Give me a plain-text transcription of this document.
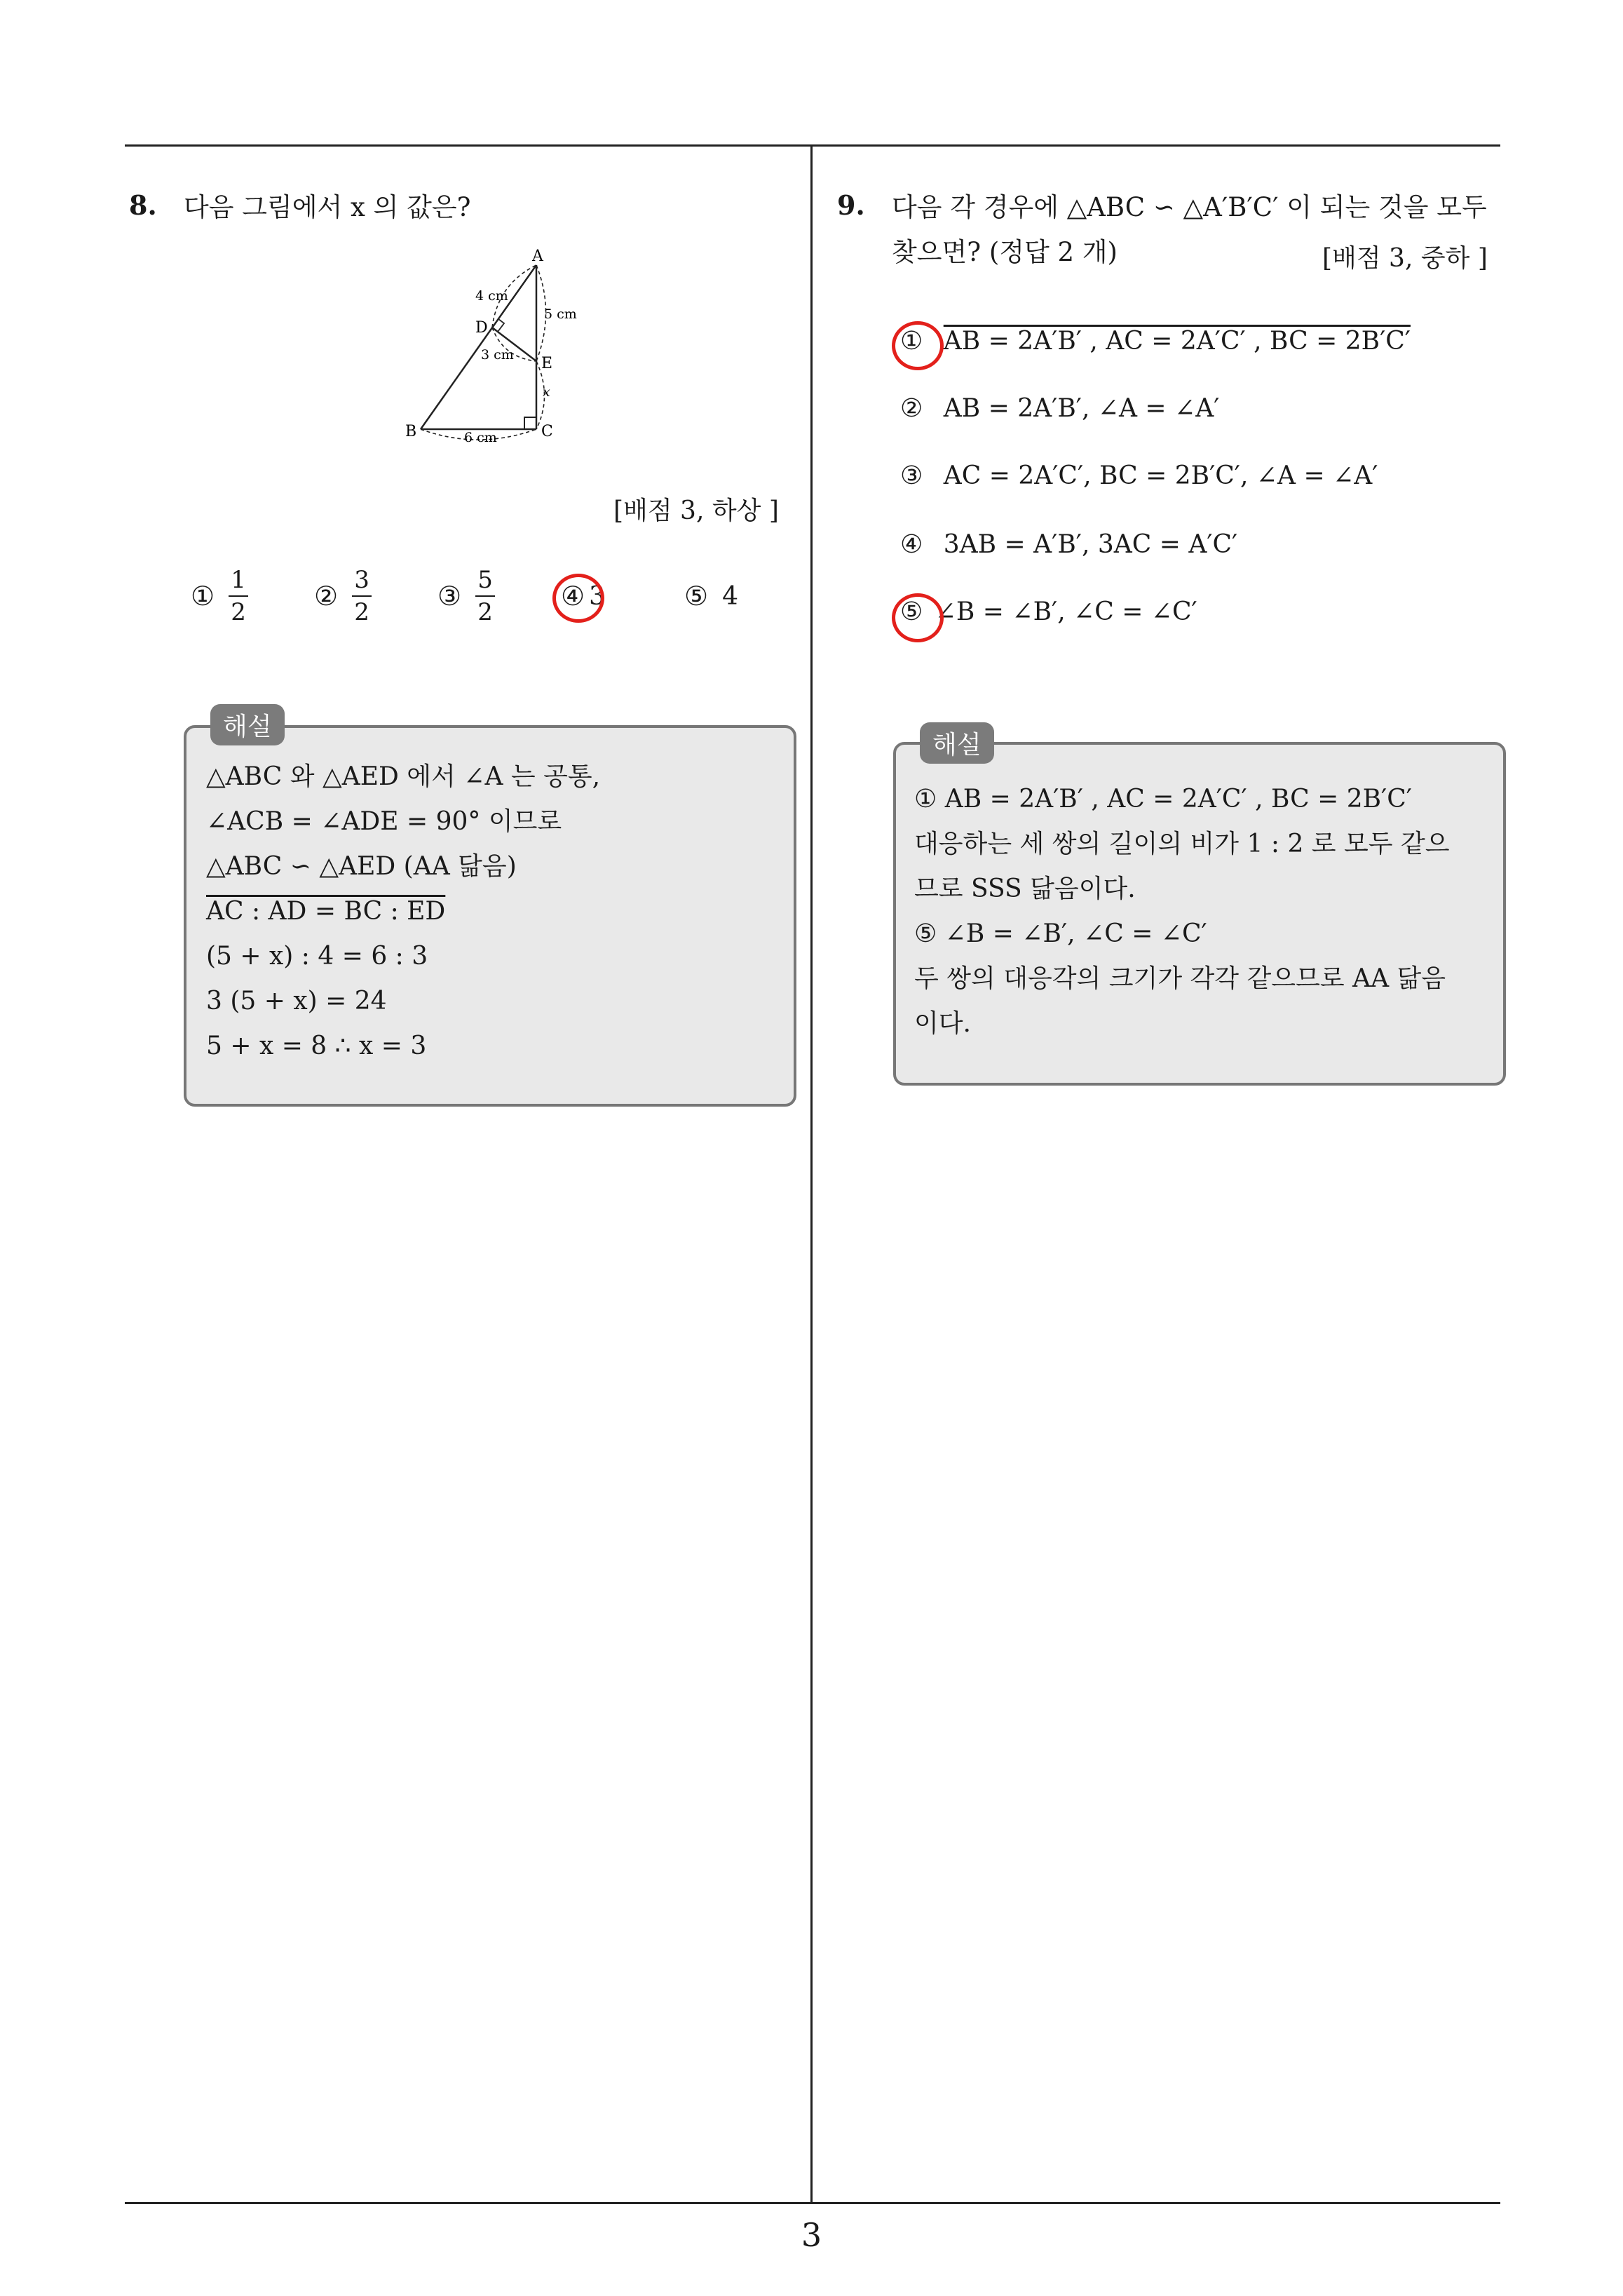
8. 다음 그림에서 x 의 값은?
A
B	C
D
E
4 cm
5 cm
3 cm
6 cm
x
[배점 3, 하상 ]
① $\frac{1}{2}$ ② $\frac{3}{2}$ ③ $\frac{5}{2}$ ④ 3	⑤ 4
해설
△ABC 와 △AED 에서 ∠A 는 공통,
∠ACB = ∠ADE = 90° 이므로
△ABC ∽ △AED (AA 닮음)
AC : AD = BC : ED
(5 + x) : 4 = 6 : 3
3 (5 + x) = 24
5 + x = 8 ∴ x = 3
9. 다음 각 경우에 △ABC ∽ △A′B′C′ 이 되는 것을 모두
찾으면? (정답 2 개)	[배점 3, 중하 ]
① AB = 2A′B′ , AC = 2A′C′ , BC = 2B′C′
② AB = 2A′B′, ∠A = ∠A′
③ AC = 2A′C′, BC = 2B′C′, ∠A = ∠A′
④ 3AB = A′B′, 3AC = A′C′
⑤ ∠B = ∠B′, ∠C = ∠C′
해설
① AB = 2A′B′ , AC = 2A′C′ , BC = 2B′C′
대응하는 세 쌍의 길이의 비가 1 : 2 로 모두 같으
므로 SSS 닮음이다.
⑤ ∠B = ∠B′, ∠C = ∠C′
두 쌍의 대응각의 크기가 각각 같으므로 AA 닮음
이다.
3
